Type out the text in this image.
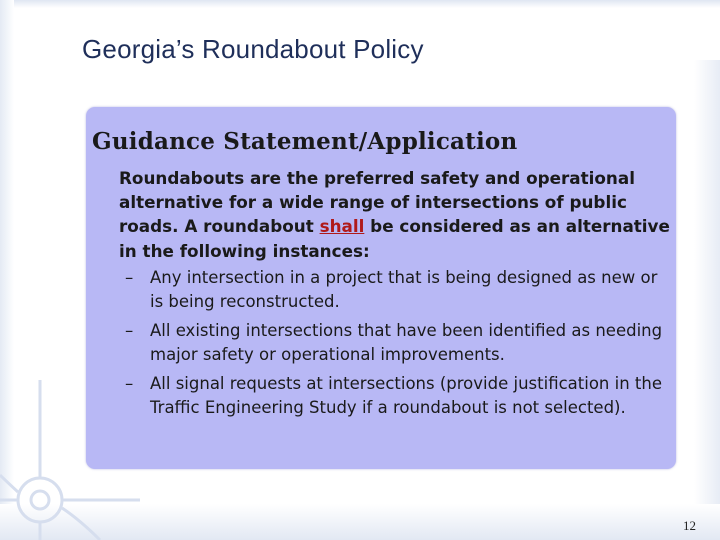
Georgia’s Roundabout Policy
Guidance Statement/Application

Roundabouts are the preferred safety and operational alternative for a wide range of intersections of public roads. A roundabout shall be considered as an alternative in the following instances:

– Any intersection in a project that is being designed as new or is being reconstructed.
– All existing intersections that have been identified as needing major safety or operational improvements.
– All signal requests at intersections (provide justification in the Traffic Engineering Study if a roundabout is not selected).
12
